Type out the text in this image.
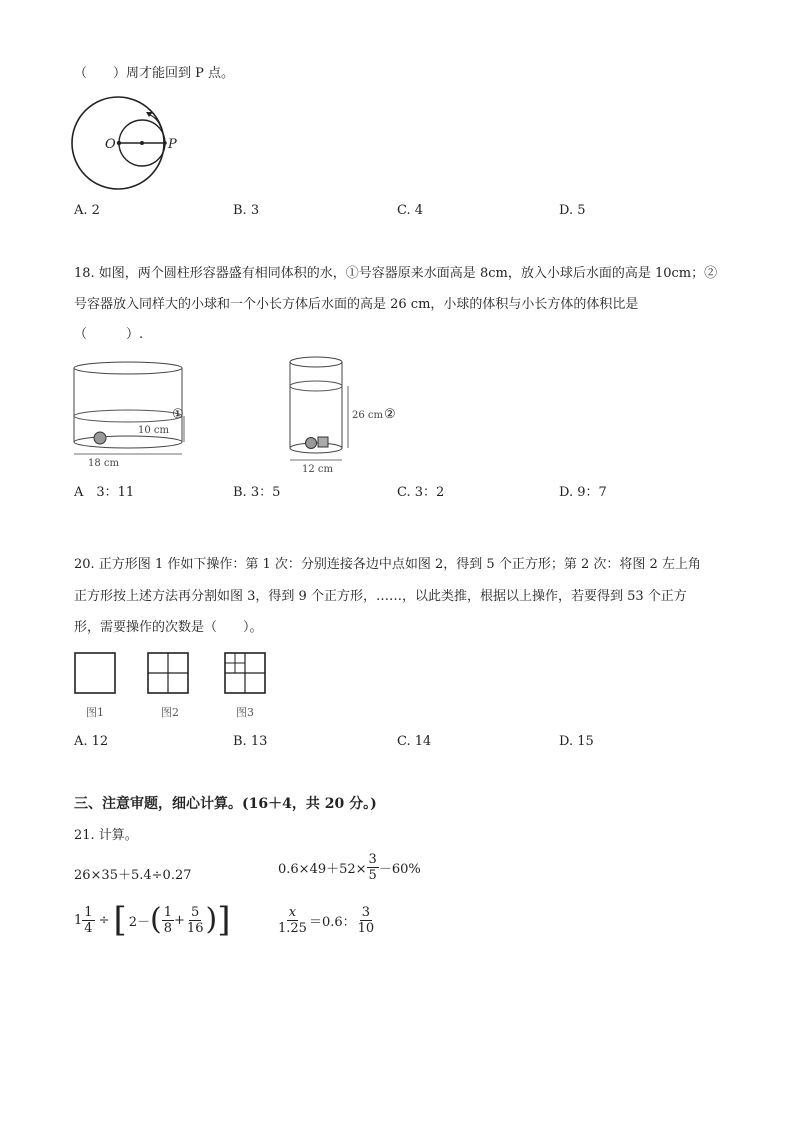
（　　）周才能回到 P 点。
O	P
A. 2	B. 3	C. 4	D. 5
18. 如图，两个圆柱形容器盛有相同体积的水，①号容器原来水面高是 8cm，放入小球后水面的高是 10cm；②
号容器放入同样大的小球和一个小长方体后水面的高是 26 cm，小球的体积与小长方体的体积比是
（　　　）.
10 cm
18 cm
①	26 cm ②
12 cm
A　3：11	B. 3：5	C. 3：2	D. 9：7
20. 正方形图 1 作如下操作：第 1 次：分别连接各边中点如图 2，得到 5 个正方形；第 2 次：将图 2 左上角
正方形按上述方法再分割如图 3，得到 9 个正方形，……，以此类推，根据以上操作，若要得到 53 个正方
形，需要操作的次数是（　　）。
图1	图2	图3
A. 12	B. 13	C. 14	D. 15
三、注意审题，细心计算。(16＋4，共 20 分。)
21. 计算。
26×35＋5.4÷0.27	$0.6\times 49+52\times \frac{3}{5} -60\%$
$1 \frac{1}{4}$ ÷ [ 2－ ( $\frac{1}{8} + \frac{5}{16}$ ) ]	$\frac{x}{1.25} =0.6$： $\frac{3}{10}$
